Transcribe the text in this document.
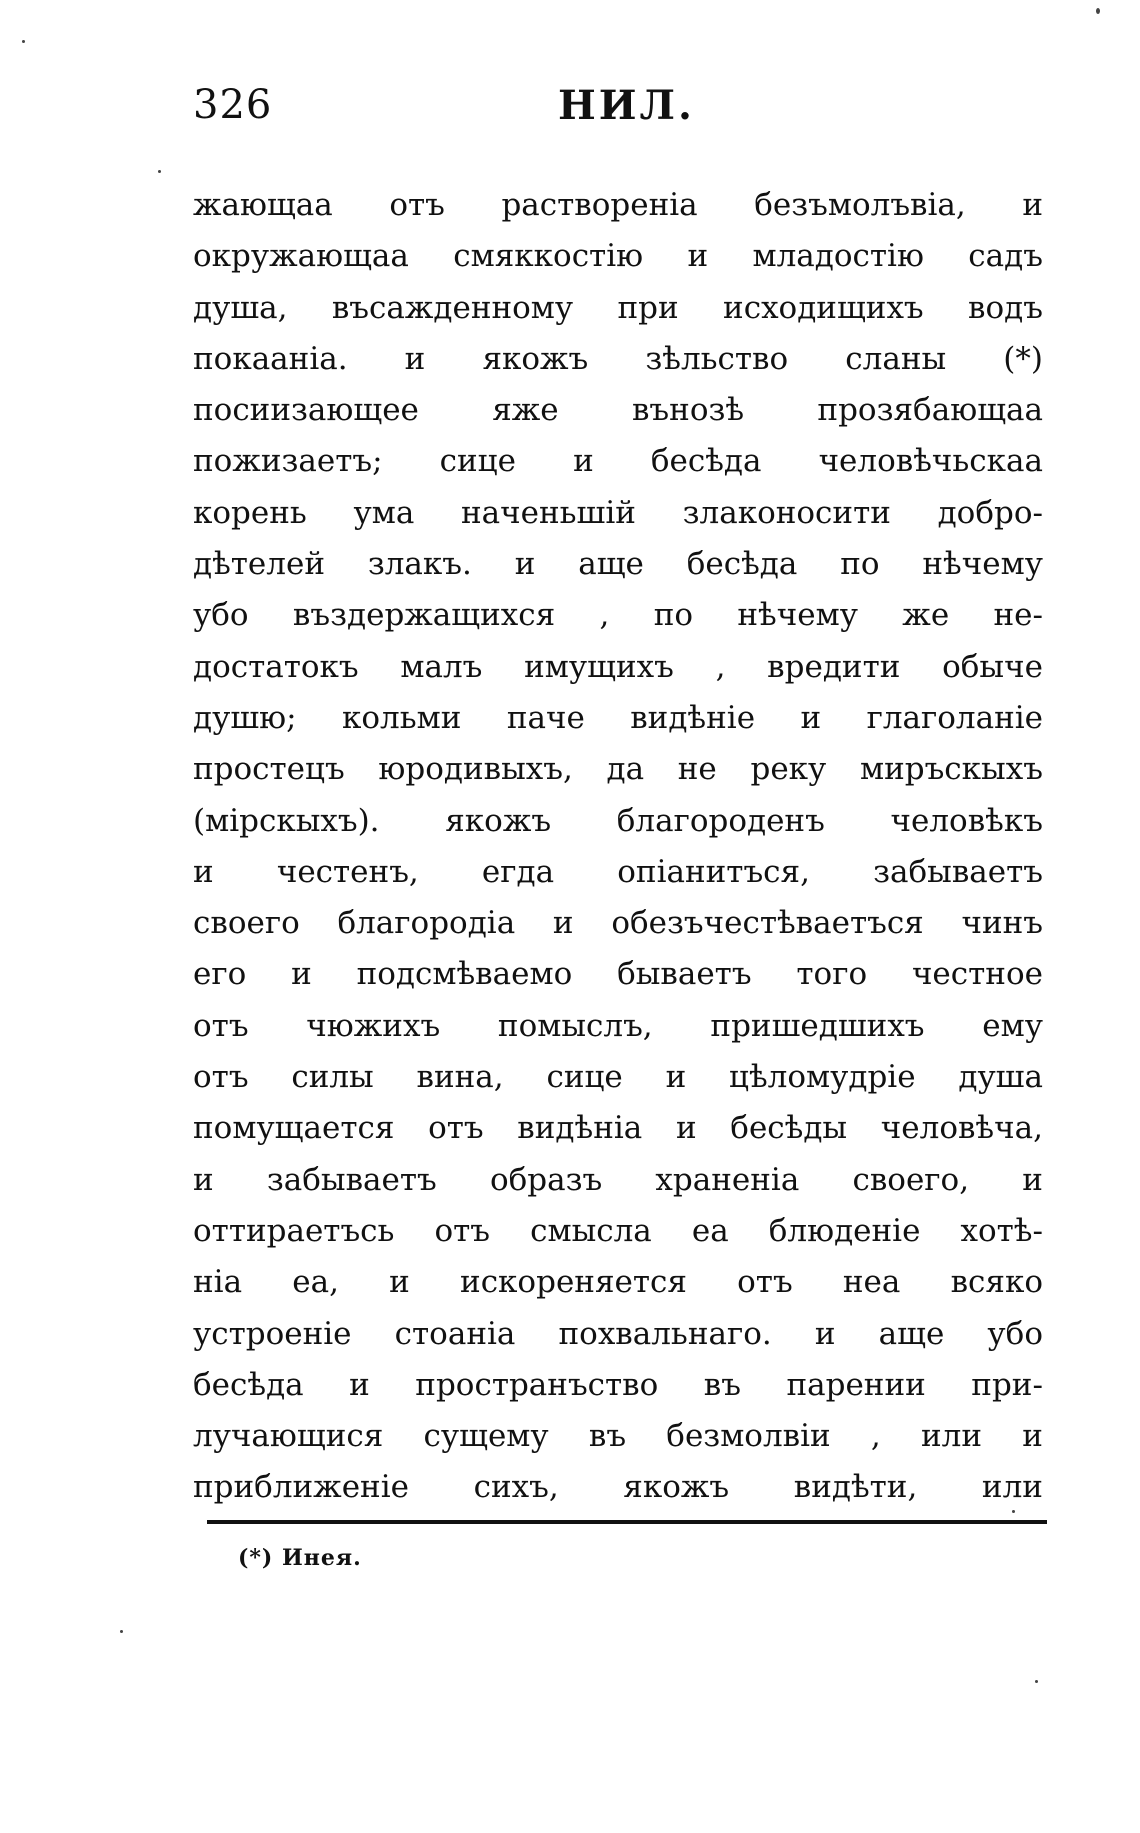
326	НИЛ.
жающаа отъ раствореніа безъмолъвіа, и
окружающаа смяккостію и младостію садъ
душа, въсажденному при исходищихъ водъ
покааніа. и якожъ зѣльство сланы (*)
посиизающее яже вънозѣ прозябающаа
пожизаетъ; сице и бесѣда человѣчьскаа
корень ума наченьшій злаконосити добро-
дѣтелей злакъ. и аще бесѣда по нѣчему
убо въздержащихся , по нѣчему же не-
достатокъ малъ имущихъ , вредити обыче
душю; кольми паче видѣніе и глаголаніе
простецъ юродивыхъ, да не реку миръскыхъ
(мірскыхъ). якожъ благороденъ человѣкъ
и честенъ, егда опіанитъся, забываетъ
своего благородіа и обезъчестѣваетъся чинъ
его и подсмѣваемо бываетъ того честное
отъ чюжихъ помыслъ, пришедшихъ ему
отъ силы вина, сице и цѣломудріе душа
помущается отъ видѣніа и бесѣды человѣча,
и забываетъ образъ храненіа своего, и
оттираетъсь отъ смысла еа блюденіе хотѣ-
ніа еа, и искореняется отъ неа всяко
устроеніе стоаніа похвальнаго. и аще убо
бесѣда и пространъство въ парении при-
лучающися сущему въ безмолвіи , или и
приближеніе сихъ, якожъ видѣти, или
(*) Инея.
